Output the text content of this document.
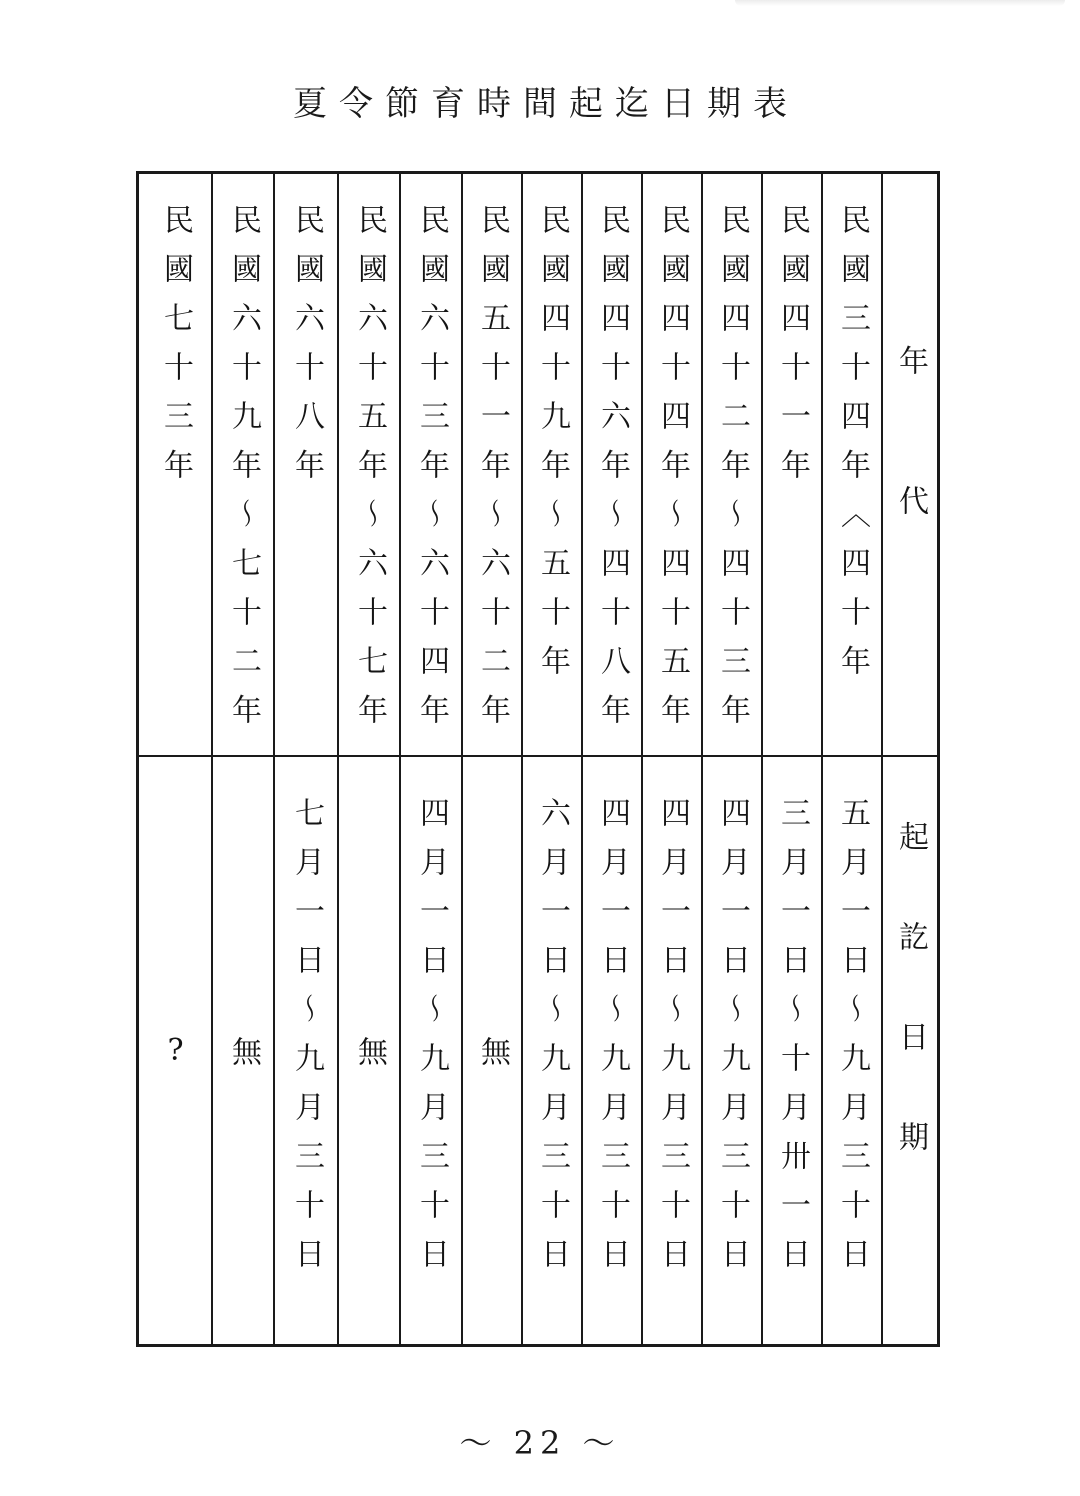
夏令節育時間起迄日期表
年代
起訖日期
民國三十四年〈四十年
五月一日〜九月三十日
民國四十一年
三月一日〜十月卅一日
民國四十二年〜四十三年
四月一日〜九月三十日
民國四十四年〜四十五年
四月一日〜九月三十日
民國四十六年〜四十八年
四月一日〜九月三十日
民國四十九年〜五十年
六月一日〜九月三十日
民國五十一年〜六十二年
無
民國六十三年〜六十四年
四月一日〜九月三十日
民國六十五年〜六十七年
無
民國六十八年
七月一日〜九月三十日
民國六十九年〜七十二年
無
民國七十三年
?
〜 22 〜
